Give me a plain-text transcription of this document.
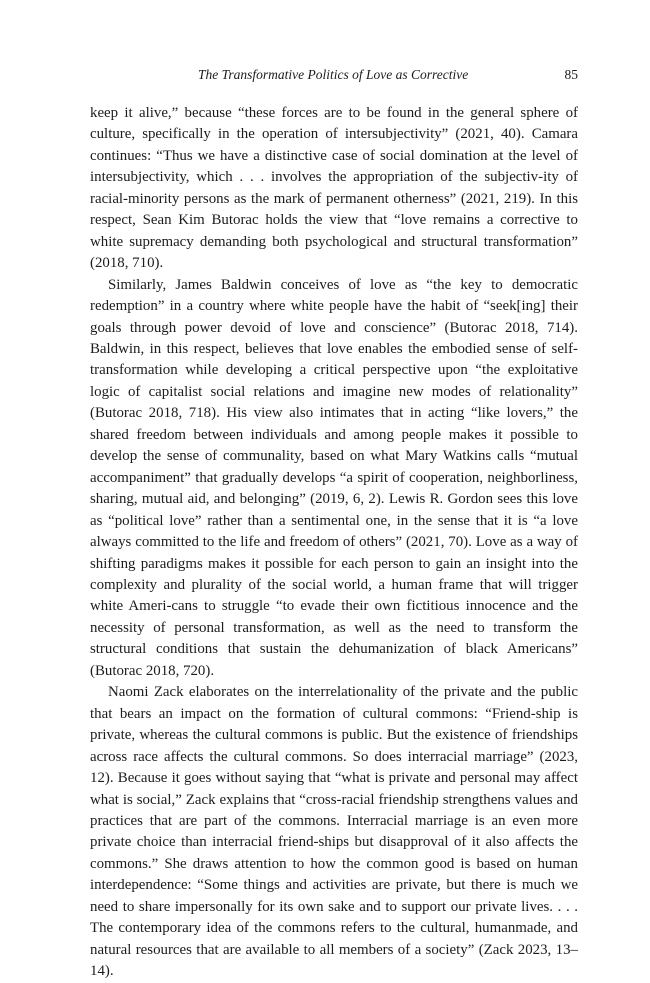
The Transformative Politics of Love as Corrective	85

keep it alive,” because “these forces are to be found in the general sphere of culture, specifically in the operation of intersubjectivity” (2021, 40). Camara continues: “Thus we have a distinctive case of social domination at the level of intersubjectivity, which . . . involves the appropriation of the subjectiv-ity of racial-minority persons as the mark of permanent otherness” (2021, 219). In this respect, Sean Kim Butorac holds the view that “love remains a corrective to white supremacy demanding both psychological and structural transformation” (2018, 710).

Similarly, James Baldwin conceives of love as “the key to democratic redemption” in a country where white people have the habit of “seek[ing] their goals through power devoid of love and conscience” (Butorac 2018, 714). Baldwin, in this respect, believes that love enables the embodied sense of self-transformation while developing a critical perspective upon “the exploitative logic of capitalist social relations and imagine new modes of relationality” (Butorac 2018, 718). His view also intimates that in acting “like lovers,” the shared freedom between individuals and among people makes it possible to develop the sense of communality, based on what Mary Watkins calls “mutual accompaniment” that gradually develops “a spirit of cooperation, neighborliness, sharing, mutual aid, and belonging” (2019, 6, 2). Lewis R. Gordon sees this love as “political love” rather than a sentimental one, in the sense that it is “a love always committed to the life and freedom of others” (2021, 70). Love as a way of shifting paradigms makes it possible for each person to gain an insight into the complexity and plurality of the social world, a human frame that will trigger white Ameri-cans to struggle “to evade their own fictitious innocence and the necessity of personal transformation, as well as the need to transform the structural conditions that sustain the dehumanization of black Americans” (Butorac 2018, 720).

Naomi Zack elaborates on the interrelationality of the private and the public that bears an impact on the formation of cultural commons: “Friend-ship is private, whereas the cultural commons is public. But the existence of friendships across race affects the cultural commons. So does interracial marriage” (2023, 12). Because it goes without saying that “what is private and personal may affect what is social,” Zack explains that “cross-racial friendship strengthens values and practices that are part of the commons. Interracial marriage is an even more private choice than interracial friend-ships but disapproval of it also affects the commons.” She draws attention to how the common good is based on human interdependence: “Some things and activities are private, but there is much we need to share impersonally for its own sake and to support our private lives. . . . The contemporary idea of the commons refers to the cultural, humanmade, and natural resources that are available to all members of a society” (Zack 2023, 13–14).
